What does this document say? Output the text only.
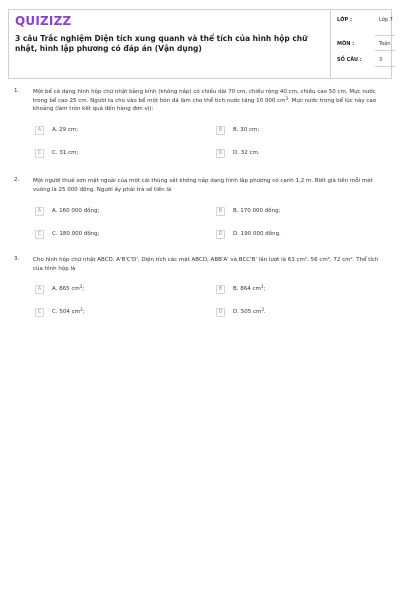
QUIZIZZ
3 câu Trắc nghiệm Diện tích xung quanh và thể tích của hình hộp chữ nhật, hình lập phương có đáp án (Vận dụng)
LỚP :	Lớp 7
MÔN :	Toán
SỐ CÂU :	3
1.	Một bể cá dạng hình hộp chữ nhật bằng kính (không nắp) có chiều dài 70 cm, chiều rộng 40 cm, chiều cao 50 cm. Mực nước trong bể cao 25 cm. Người ta cho vào bể một hòn đá làm cho thể tích nước tăng 10 000 $cm^3$. Mực nước trong bể lúc này cao khoảng (làm tròn kết quả đến hàng đơn vị):
A	A. 29 cm;	B	B. 30 cm;
C	C. 31 cm;	D	D. 32 cm.
2.	Một người thuê sơn mặt ngoài của một cái thùng sắt không nắp dạng hình lập phương có cạnh 1,2 m. Biết giá tiền mỗi mét vuông là 25 000 đồng. Người ấy phải trả số tiền là
A	A. 160 000 đồng;	B	B. 170 000 đồng;
C	C. 180 000 đồng;	D	D. 190 000 đồng.
3.	Cho hình hộp chữ nhật ABCD. A'B'C'D'. Diện tích các mặt ABCD, ABB'A' và BCC'B' lần lượt là 63 cm², 56 cm², 72 cm². Thể tích của hình hộp là
A	A. 865 $cm^3$;	B	B. 864 $cm^3$;
C	C. 504 $cm^3$;	D	D. 505 $cm^3$.
